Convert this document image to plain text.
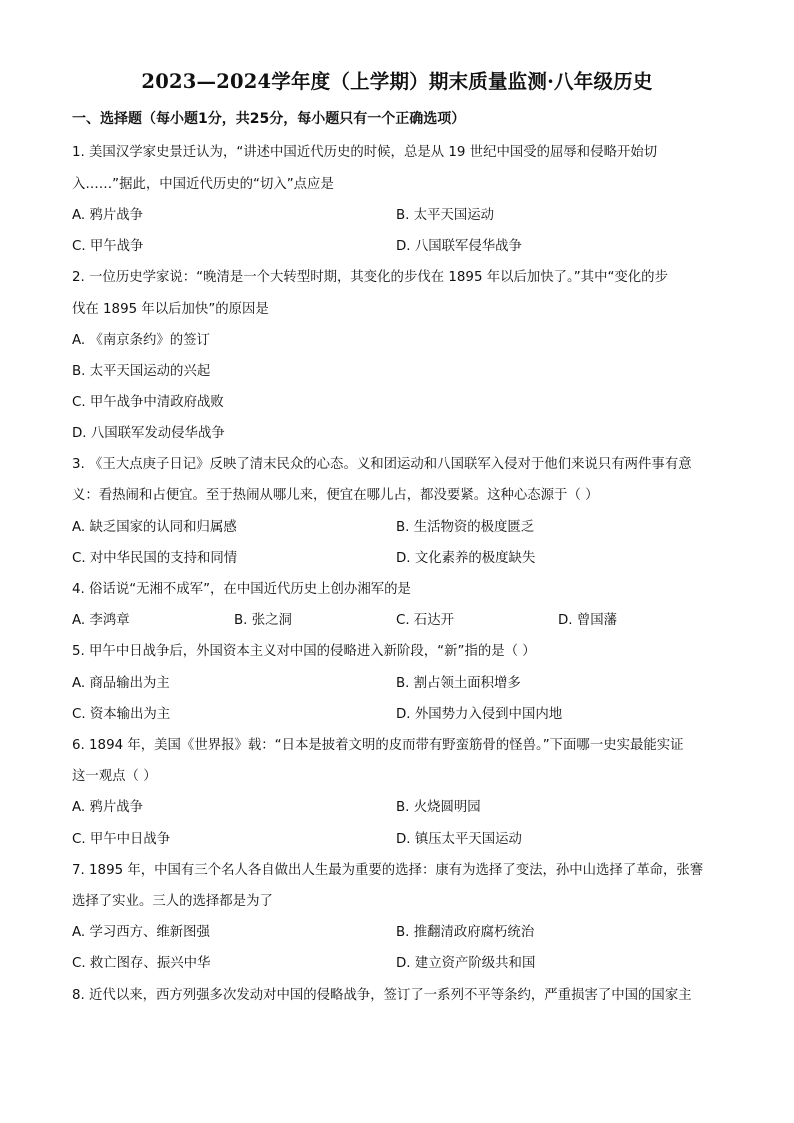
2023—2024学年度（上学期）期末质量监测·八年级历史
一、选择题（每小题1分，共25分，每小题只有一个正确选项）
1. 美国汉学家史景迁认为，“讲述中国近代历史的时候，总是从 19 世纪中国受的屈辱和侵略开始切
入……”据此，中国近代历史的“切入”点应是
A. 鸦片战争	B. 太平天国运动
C. 甲午战争	D. 八国联军侵华战争
2. 一位历史学家说：“晚清是一个大转型时期，其变化的步伐在 1895 年以后加快了。”其中“变化的步
伐在 1895 年以后加快”的原因是
A. 《南京条约》的签订
B. 太平天国运动的兴起
C. 甲午战争中清政府战败
D. 八国联军发动侵华战争
3. 《王大点庚子日记》反映了清末民众的心态。义和团运动和八国联军入侵对于他们来说只有两件事有意
义：看热闹和占便宜。至于热闹从哪儿来，便宜在哪儿占，都没要紧。这种心态源于（ ）
A. 缺乏国家的认同和归属感	B. 生活物资的极度匮乏
C. 对中华民国的支持和同情	D. 文化素养的极度缺失
4. 俗话说“无湘不成军”，在中国近代历史上创办湘军的是
A. 李鸿章	B. 张之洞	C. 石达开	D. 曾国藩
5. 甲午中日战争后，外国资本主义对中国的侵略进入新阶段，“新”指的是（ ）
A. 商品输出为主	B. 割占领土面积增多
C. 资本输出为主	D. 外国势力入侵到中国内地
6. 1894 年，美国《世界报》载：“日本是披着文明的皮而带有野蛮筋骨的怪兽。”下面哪一史实最能实证
这一观点（ ）
A. 鸦片战争	B. 火烧圆明园
C. 甲午中日战争	D. 镇压太平天国运动
7. 1895 年，中国有三个名人各自做出人生最为重要的选择：康有为选择了变法，孙中山选择了革命，张謇
选择了实业。三人的选择都是为了
A. 学习西方、维新图强	B. 推翻清政府腐朽统治
C. 救亡图存、振兴中华	D. 建立资产阶级共和国
8. 近代以来，西方列强多次发动对中国的侵略战争，签订了一系列不平等条约，严重损害了中国的国家主
